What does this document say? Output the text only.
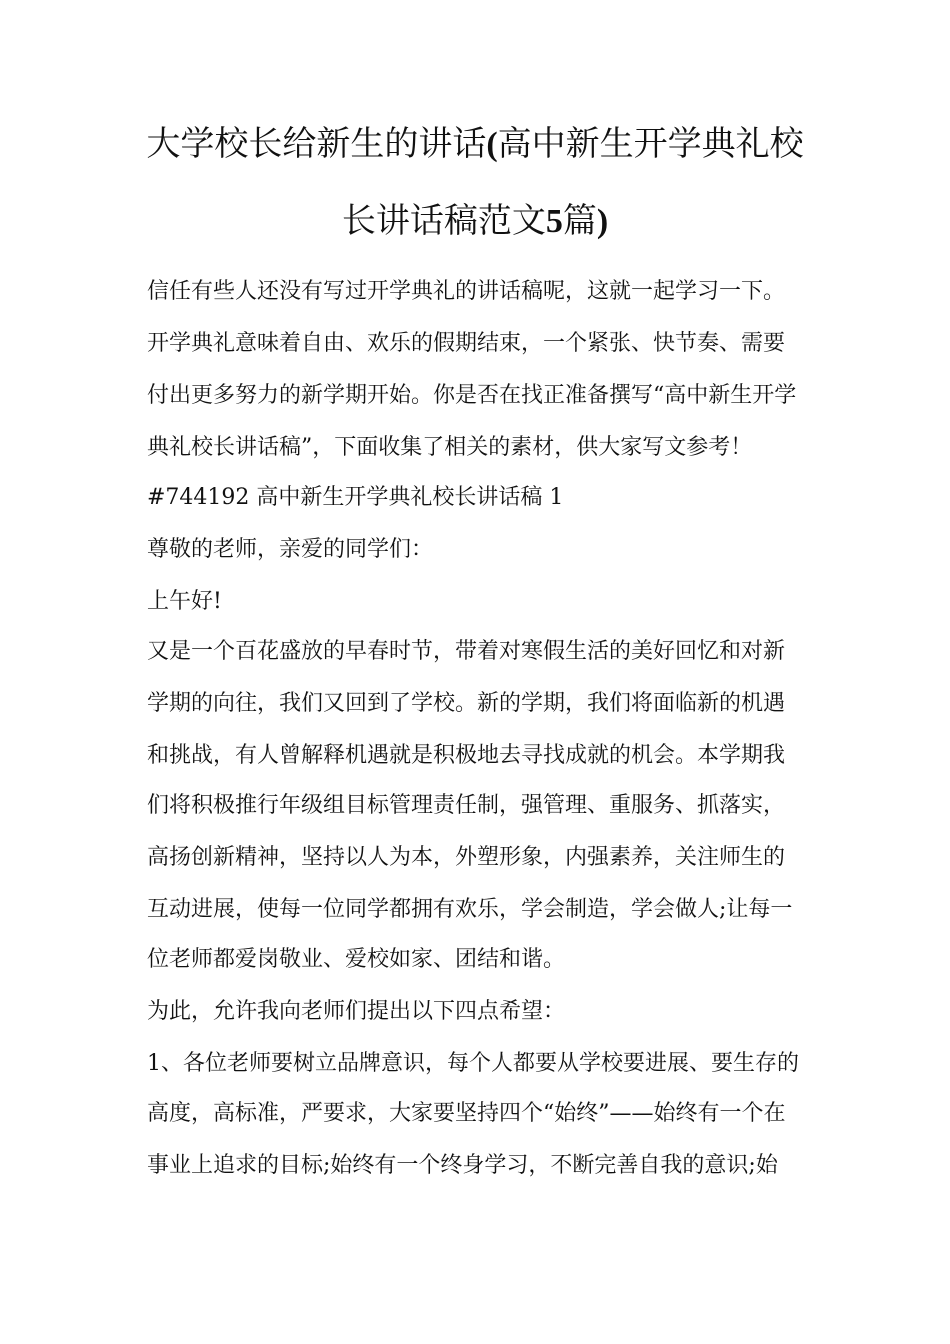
大学校长给新生的讲话(高中新生开学典礼校
长讲话稿范文5篇)
信任有些人还没有写过开学典礼的讲话稿呢，这就一起学习一下。
开学典礼意味着自由、欢乐的假期结束，一个紧张、快节奏、需要
付出更多努力的新学期开始。你是否在找正准备撰写“高中新生开学
典礼校长讲话稿”，下面收集了相关的素材，供大家写文参考！
#744192 高中新生开学典礼校长讲话稿 1
尊敬的老师，亲爱的同学们：
上午好!
又是一个百花盛放的早春时节，带着对寒假生活的美好回忆和对新
学期的向往，我们又回到了学校。新的学期，我们将面临新的机遇
和挑战，有人曾解释机遇就是积极地去寻找成就的机会。本学期我
们将积极推行年级组目标管理责任制，强管理、重服务、抓落实，
高扬创新精神，坚持以人为本，外塑形象，内强素养，关注师生的
互动进展，使每一位同学都拥有欢乐，学会制造，学会做人;让每一
位老师都爱岗敬业、爱校如家、团结和谐。
为此，允许我向老师们提出以下四点希望：
1、各位老师要树立品牌意识，每个人都要从学校要进展、要生存的
高度，高标准，严要求，大家要坚持四个“始终”——始终有一个在
事业上追求的目标;始终有一个终身学习，不断完善自我的意识;始
